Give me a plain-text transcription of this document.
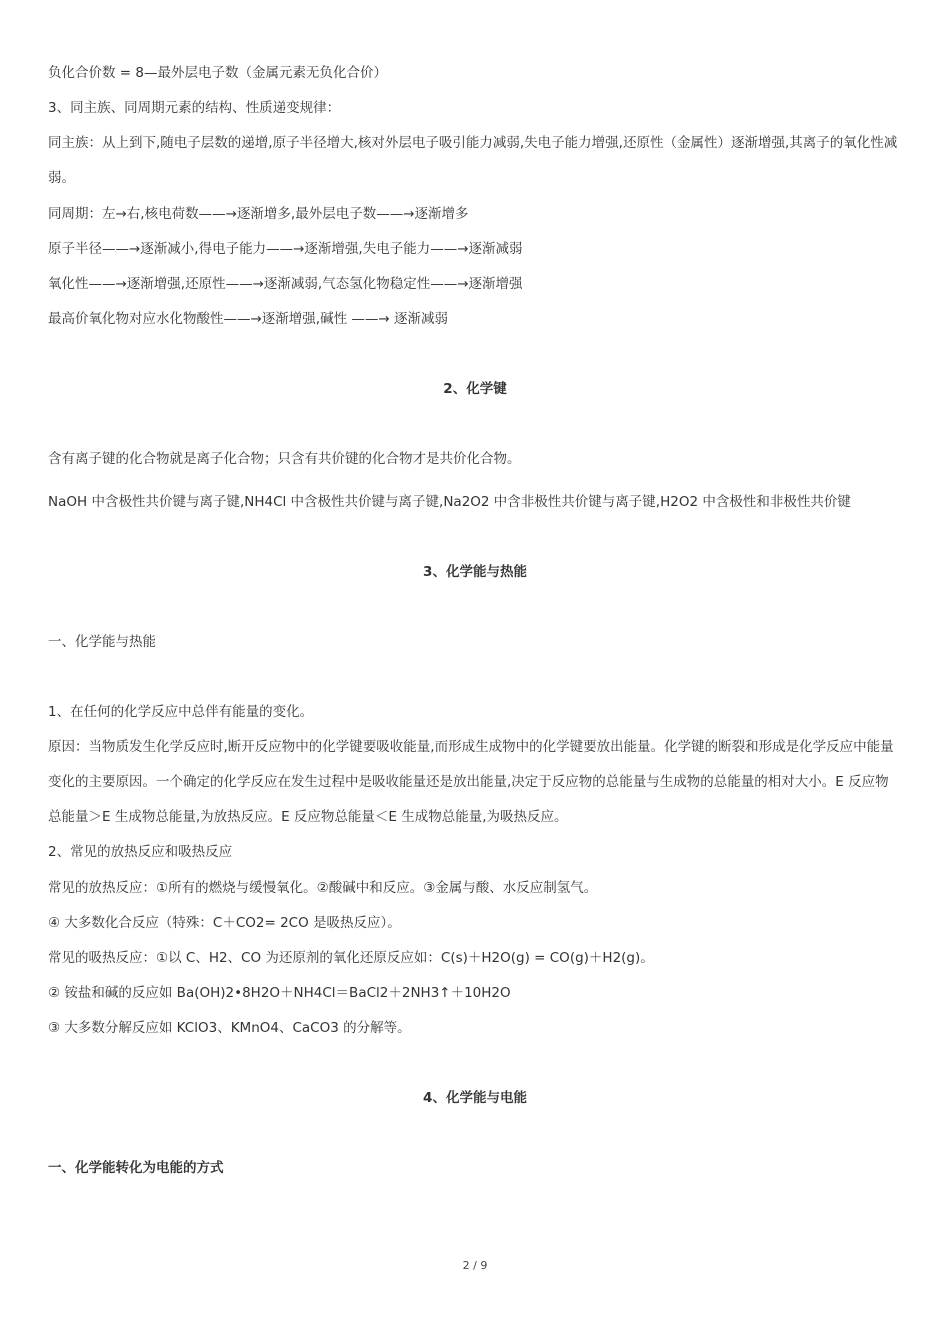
负化合价数 = 8—最外层电子数（金属元素无负化合价）
3、同主族、同周期元素的结构、性质递变规律：
同主族：从上到下,随电子层数的递增,原子半径增大,核对外层电子吸引能力减弱,失电子能力增强,还原性（金属性）逐渐增强,其离子的氧化性减
弱。
同周期：左→右,核电荷数——→逐渐增多,最外层电子数——→逐渐增多
原子半径——→逐渐减小,得电子能力——→逐渐增强,失电子能力——→逐渐减弱
氧化性——→逐渐增强,还原性——→逐渐减弱,气态氢化物稳定性——→逐渐增强
最高价氧化物对应水化物酸性——→逐渐增强,碱性 ——→ 逐渐减弱
2、化学键
含有离子键的化合物就是离子化合物；只含有共价键的化合物才是共价化合物。
NaOH 中含极性共价键与离子键,NH4Cl 中含极性共价键与离子键,Na2O2 中含非极性共价键与离子键,H2O2 中含极性和非极性共价键
3、化学能与热能
一、化学能与热能
1、在任何的化学反应中总伴有能量的变化。
原因：当物质发生化学反应时,断开反应物中的化学键要吸收能量,而形成生成物中的化学键要放出能量。化学键的断裂和形成是化学反应中能量
变化的主要原因。一个确定的化学反应在发生过程中是吸收能量还是放出能量,决定于反应物的总能量与生成物的总能量的相对大小。E 反应物
总能量＞E 生成物总能量,为放热反应。E 反应物总能量＜E 生成物总能量,为吸热反应。
2、常见的放热反应和吸热反应
常见的放热反应：①所有的燃烧与缓慢氧化。②酸碱中和反应。③金属与酸、水反应制氢气。
④ 大多数化合反应（特殊：C＋CO2= 2CO 是吸热反应）。
常见的吸热反应：①以 C、H2、CO 为还原剂的氧化还原反应如：C(s)＋H2O(g) = CO(g)＋H2(g)。
② 铵盐和碱的反应如 Ba(OH)2•8H2O＋NH4Cl＝BaCl2＋2NH3↑＋10H2O
③ 大多数分解反应如 KClO3、KMnO4、CaCO3 的分解等。
4、化学能与电能
一、化学能转化为电能的方式
2 / 9
